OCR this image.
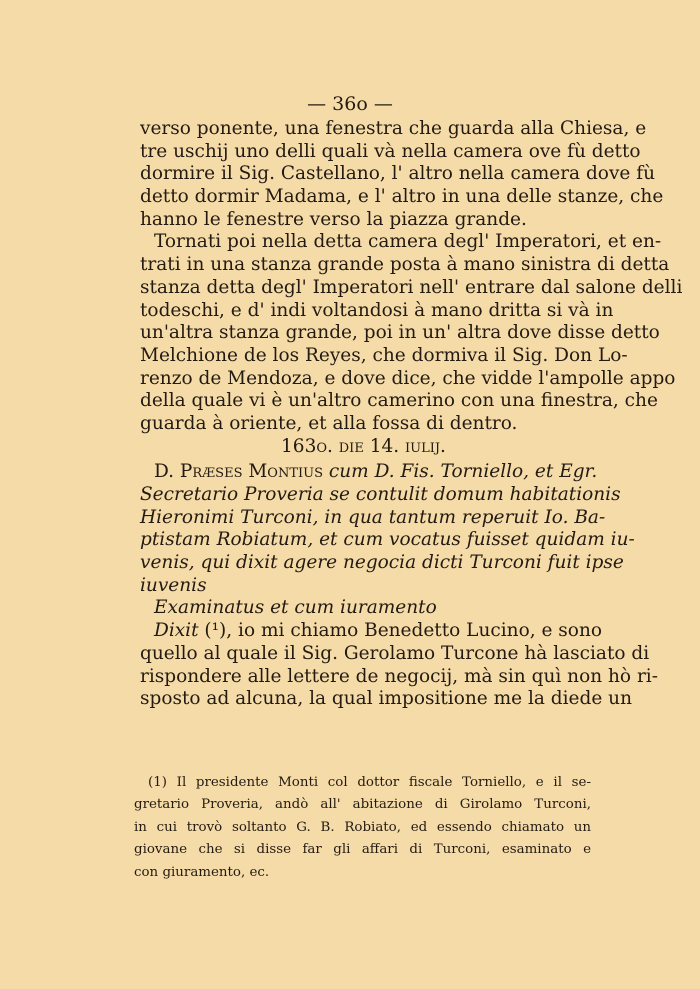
— 36o —
verso ponente, una fenestra che guarda alla Chiesa, e
tre uschij uno delli quali và nella camera ove fù detto
dormire il Sig. Castellano, l' altro nella camera dove fù
detto dormir Madama, e l' altro in una delle stanze, che
hanno le fenestre verso la piazza grande.
Tornati poi nella detta camera degl' Imperatori, et en-
trati in una stanza grande posta à mano sinistra di detta
stanza detta degl' Imperatori nell' entrare dal salone delli
todeschi, e d' indi voltandosi à mano dritta si và in
un'altra stanza grande, poi in un' altra dove disse detto
Melchione de los Reyes, che dormiva il Sig. Don Lo-
renzo de Mendoza, e dove dice, che vidde l'ampolle appo
della quale vi è un'altro camerino con una finestra, che
guarda à oriente, et alla fossa di dentro.
163o. die 14. iulij.
D. Præses Montius cum D. Fis. Torniello, et Egr.
Secretario Proveria se contulit domum habitationis
Hieronimi Turconi, in qua tantum reperuit Io. Ba-
ptistam Robiatum, et cum vocatus fuisset quidam iu-
venis, qui dixit agere negocia dicti Turconi fuit ipse
iuvenis
Examinatus et cum iuramento
Dixit (¹), io mi chiamo Benedetto Lucino, e sono
quello al quale il Sig. Gerolamo Turcone hà lasciato di
rispondere alle lettere de negocij, mà sin quì non hò ri-
sposto ad alcuna, la qual impositione me la diede un
(1) Il presidente Monti col dottor fiscale Torniello, e il se-
gretario Proveria, andò all' abitazione di Girolamo Turconi,
in cui trovò soltanto G. B. Robiato, ed essendo chiamato un
giovane che si disse far gli affari di Turconi, esaminato e
con giuramento, ec.
